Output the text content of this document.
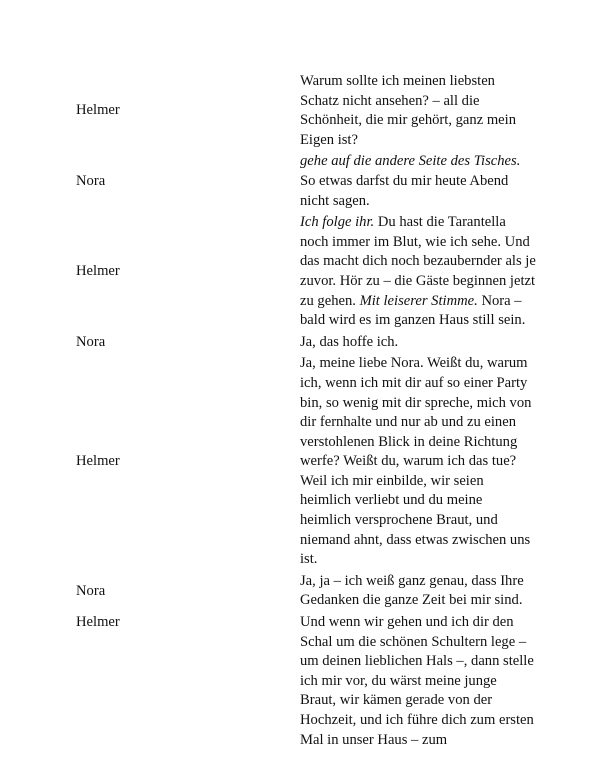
Helmer	Warum sollte ich meinen liebsten Schatz nicht ansehen? – all die Schönheit, die mir gehört, ganz mein Eigen ist?
Nora	gehe auf die andere Seite des Tisches. So etwas darfst du mir heute Abend nicht sagen.
Helmer	Ich folge ihr. Du hast die Tarantella noch immer im Blut, wie ich sehe. Und das macht dich noch bezaubernder als je zuvor. Hör zu – die Gäste beginnen jetzt zu gehen. Mit leiserer Stimme. Nora – bald wird es im ganzen Haus still sein.
Nora	Ja, das hoffe ich.
Helmer	Ja, meine liebe Nora. Weißt du, warum ich, wenn ich mit dir auf so einer Party bin, so wenig mit dir spreche, mich von dir fernhalte und nur ab und zu einen verstohlenen Blick in deine Richtung werfe? Weißt du, warum ich das tue? Weil ich mir einbilde, wir seien heimlich verliebt und du meine heimlich versprochene Braut, und niemand ahnt, dass etwas zwischen uns ist.
Nora	Ja, ja – ich weiß ganz genau, dass Ihre Gedanken die ganze Zeit bei mir sind.
Helmer	Und wenn wir gehen und ich dir den Schal um die schönen Schultern lege – um deinen lieblichen Hals –, dann stelle ich mir vor, du wärst meine junge Braut, wir kämen gerade von der Hochzeit, und ich führe dich zum ersten Mal in unser Haus – zum
